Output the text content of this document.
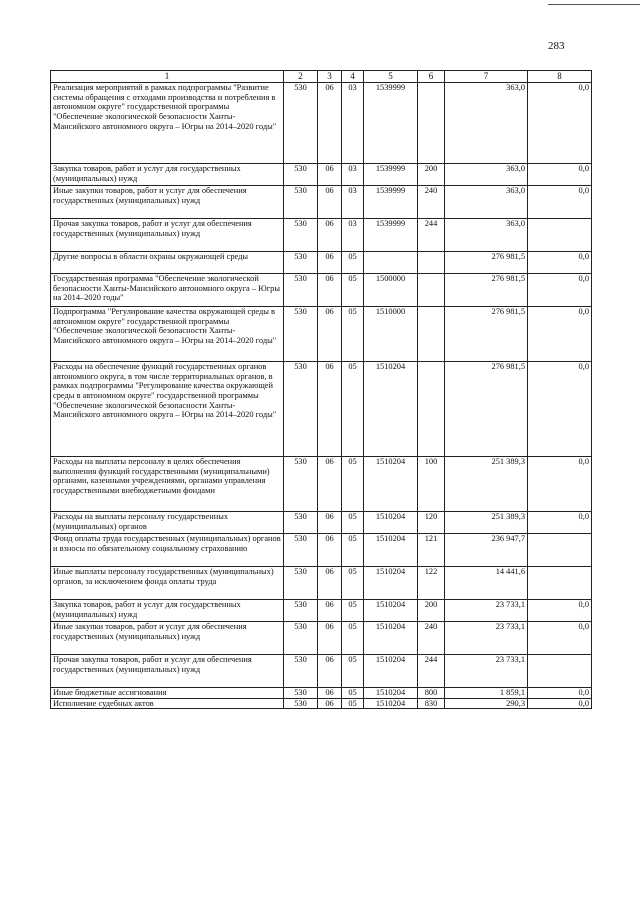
283
1	2	3	4	5	6	7	8
Реализация мероприятий в рамках подпрограммы "Развитие системы обращения с отходами производства и потребления в автономном округе" государственной программы "Обеспечение экологической безопасности Ханты-Мансийского автономного округа – Югры на 2014–2020 годы"	530	06	03	1539999		363,0	0,0
Закупка товаров, работ и услуг для государственных (муниципальных) нужд	530	06	03	1539999	200	363,0	0,0
Иные закупки товаров, работ и услуг для обеспечения государственных (муниципальных) нужд	530	06	03	1539999	240	363,0	0,0
Прочая закупка товаров, работ и услуг для обеспечения государственных (муниципальных) нужд	530	06	03	1539999	244	363,0	
Другие вопросы в области охраны окружающей среды	530	06	05			276 981,5	0,0
Государственная программа "Обеспечение экологической безопасности Ханты-Мансийского автономного округа – Югры на 2014–2020 годы"	530	06	05	1500000		276 981,5	0,0
Подпрограмма "Регулирование качества окружающей среды в автономном округе" государственной программы "Обеспечение экологической безопасности Ханты-Мансийского автономного округа – Югры на 2014–2020 годы"	530	06	05	1510000		276 981,5	0,0
Расходы на обеспечение функций государственных органов автономного округа, в том числе территориальных органов, в рамках подпрограммы "Регулирование качества окружающей среды в автономном округе" государственной программы "Обеспечение экологической безопасности Ханты-Мансийского автономного округа – Югры на 2014–2020 годы"	530	06	05	1510204		276 981,5	0,0
Расходы на выплаты персоналу в целях обеспечения выполнения функций государственными (муниципальными) органами, казенными учреждениями, органами управления государственными внебюджетными фондами	530	06	05	1510204	100	251 389,3	0,0
Расходы на выплаты персоналу государственных (муниципальных) органов	530	06	05	1510204	120	251 389,3	0,0
Фонд оплаты труда государственных (муниципальных) органов и взносы по обязательному социальному страхованию	530	06	05	1510204	121	236 947,7	
Иные выплаты персоналу государственных (муниципальных) органов, за исключением фонда оплаты труда	530	06	05	1510204	122	14 441,6	
Закупка товаров, работ и услуг для государственных (муниципальных) нужд	530	06	05	1510204	200	23 733,1	0,0
Иные закупки товаров, работ и услуг для обеспечения государственных (муниципальных) нужд	530	06	05	1510204	240	23 733,1	0,0
Прочая закупка товаров, работ и услуг для обеспечения государственных (муниципальных) нужд	530	06	05	1510204	244	23 733,1	
Иные бюджетные ассигнования	530	06	05	1510204	800	1 859,1	0,0
Исполнение судебных актов	530	06	05	1510204	830	290,3	0,0
